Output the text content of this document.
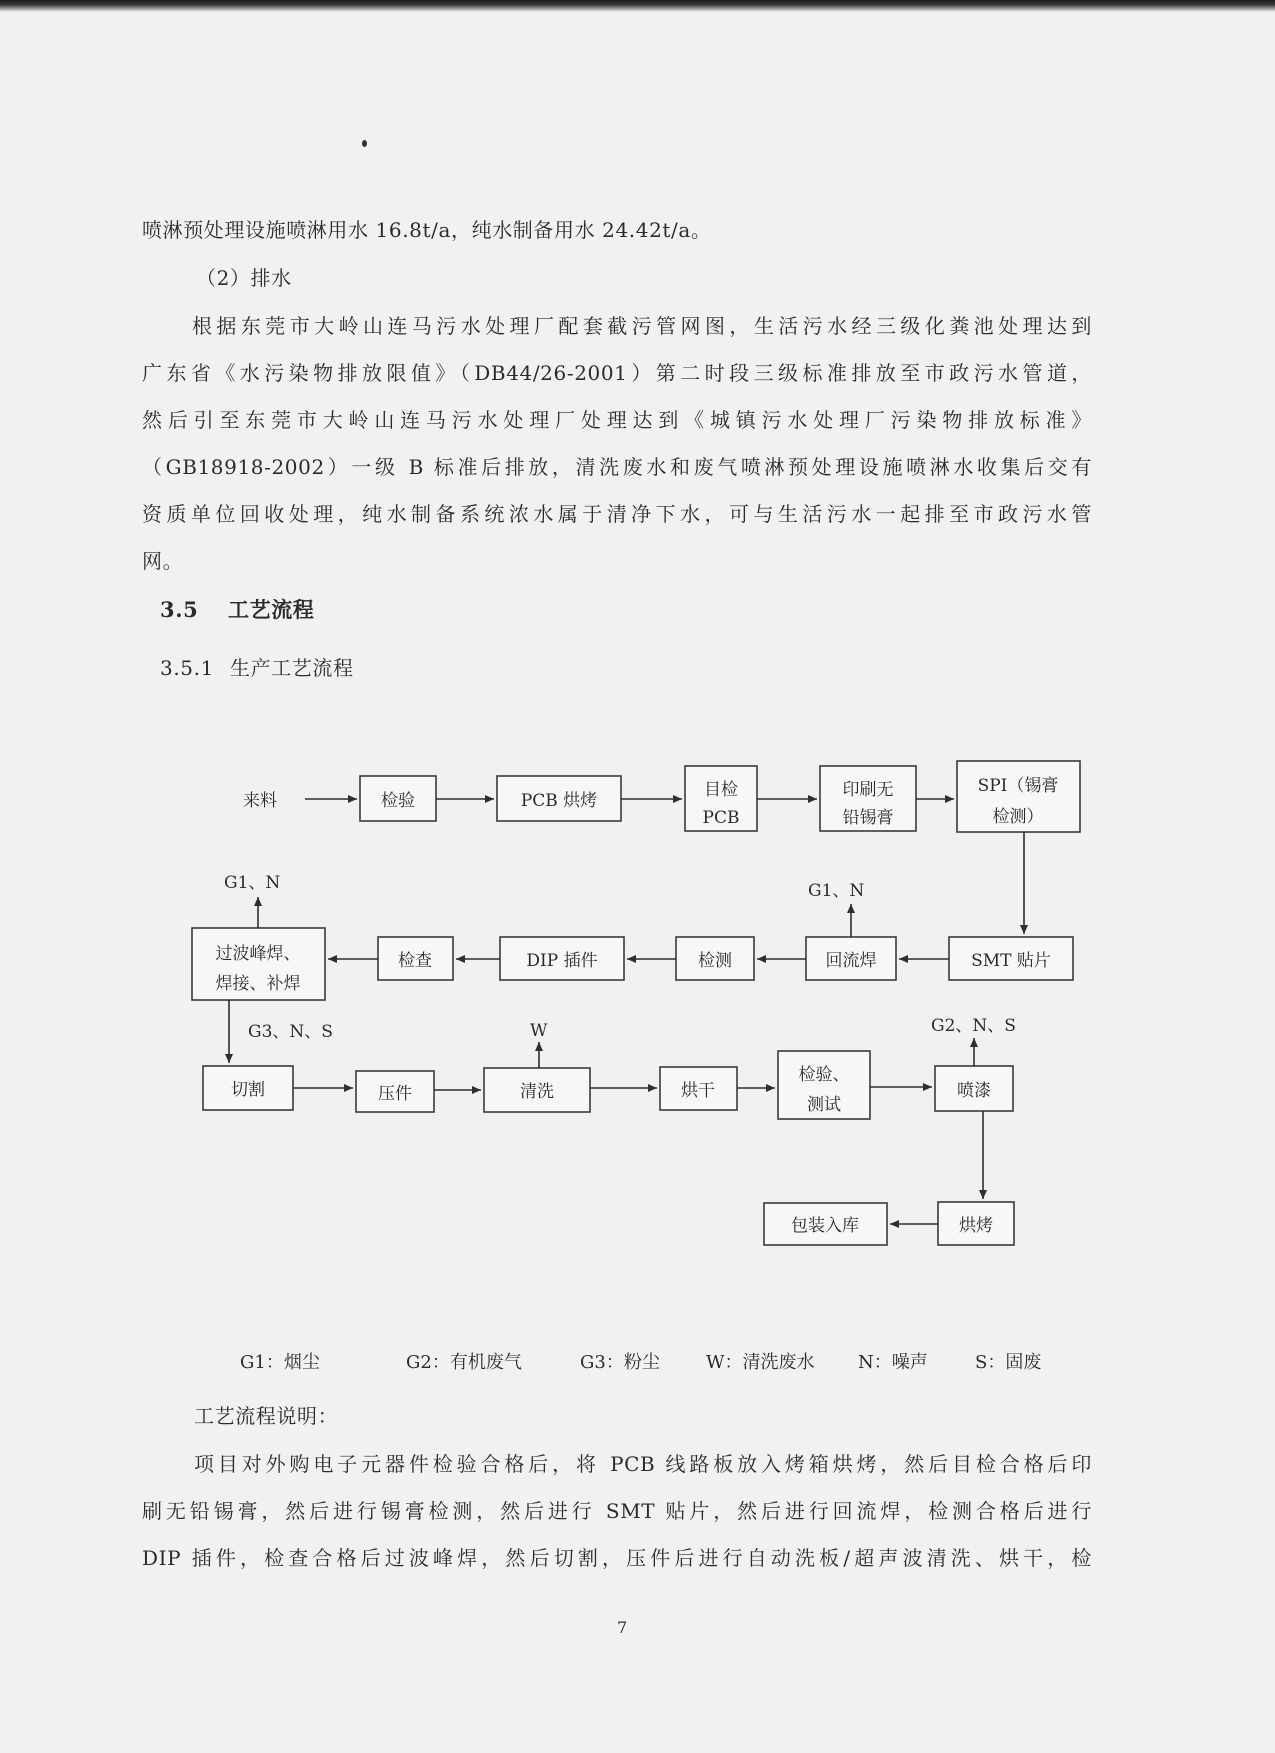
喷淋预处理设施喷淋用水 16.8t/a，纯水制备用水 24.42t/a。
（2）排水
根据东莞市大岭山连马污水处理厂配套截污管网图，生活污水经三级化粪池处理达到
广东省《水污染物排放限值》（DB44/26-2001）第二时段三级标准排放至市政污水管道，
然后引至东莞市大岭山连马污水处理厂处理达到《城镇污水处理厂污染物排放标准》
（GB18918-2002）一级 B 标准后排放，清洗废水和废气喷淋预处理设施喷淋水收集后交有
资质单位回收处理，纯水制备系统浓水属于清净下水，可与生活污水一起排至市政污水管
网。
3.5	工艺流程
3.5.1 生产工艺流程
来料	检验	PCB 烘烤
目检
PCB
印刷无
铅锡膏
SPI（锡膏
检测）
SMT 贴片
回流焊
G1、N
检测
DIP 插件
检查
过波峰焊、
焊接、补焊
G1、N
G3、N、S
切割	压件	清洗
W
烘干
检验、
测试
喷漆
G2、N、S
烘烤
包装入库
G1：烟尘	G2：有机废气	G3：粉尘	W：清洗废水 N：噪声	S：固废
工艺流程说明：
项目对外购电子元器件检验合格后，将 PCB 线路板放入烤箱烘烤，然后目检合格后印
刷无铅锡膏，然后进行锡膏检测，然后进行 SMT 贴片，然后进行回流焊，检测合格后进行
DIP 插件，检查合格后过波峰焊，然后切割，压件后进行自动洗板/超声波清洗、烘干，检
7
